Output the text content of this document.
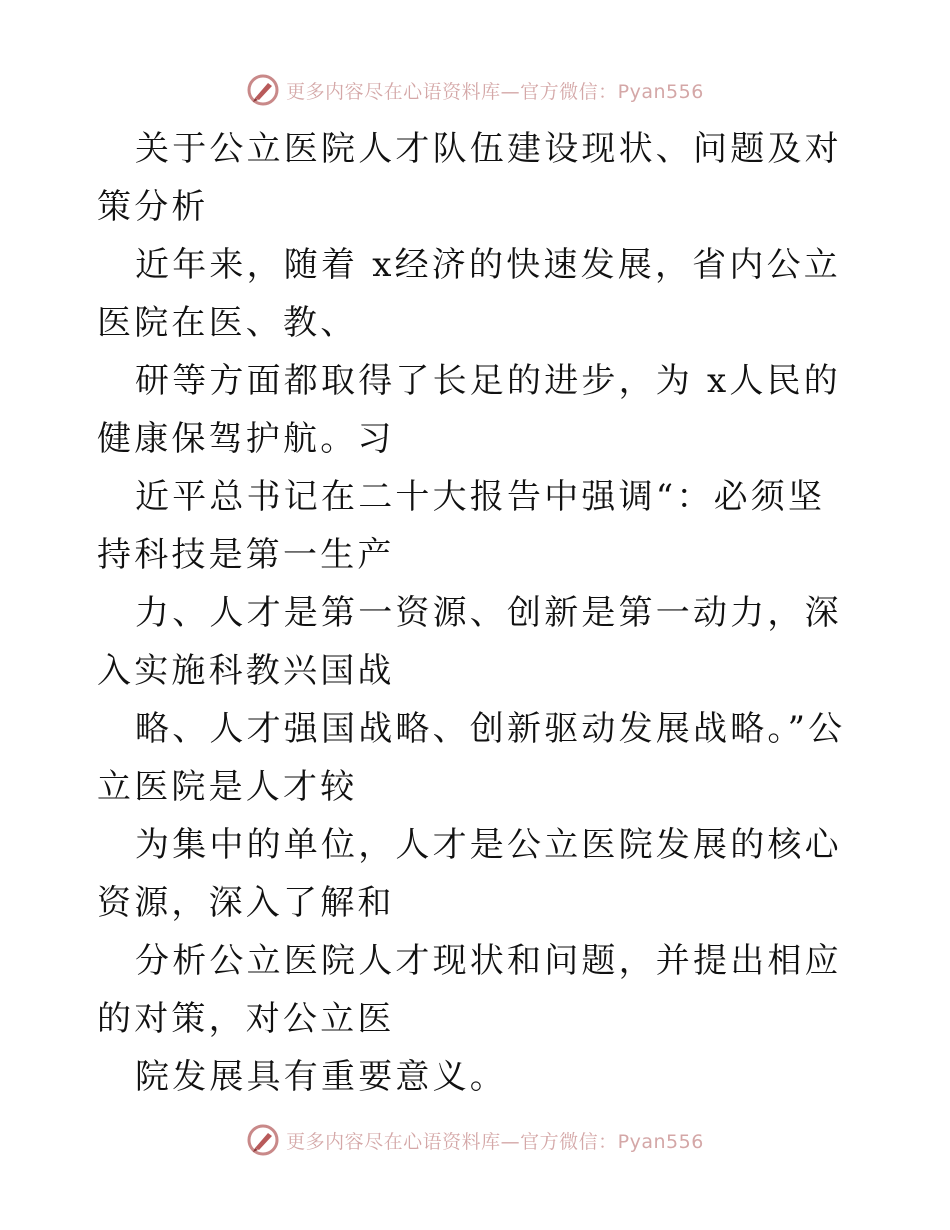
更多内容尽在心语资料库—官方微信：Pyan556

关于公立医院人才队伍建设现状、问题及对策分析

近年来，随着 x经济的快速发展，省内公立医院在医、教、

研等方面都取得了长足的进步，为 x人民的健康保驾护航。习

近平总书记在二十大报告中强调“：必须坚持科技是第一生产

力、人才是第一资源、创新是第一动力，深入实施科教兴国战

略、人才强国战略、创新驱动发展战略。”公立医院是人才较

为集中的单位，人才是公立医院发展的核心资源，深入了解和

分析公立医院人才现状和问题，并提出相应的对策，对公立医

院发展具有重要意义。

更多内容尽在心语资料库—官方微信：Pyan556
